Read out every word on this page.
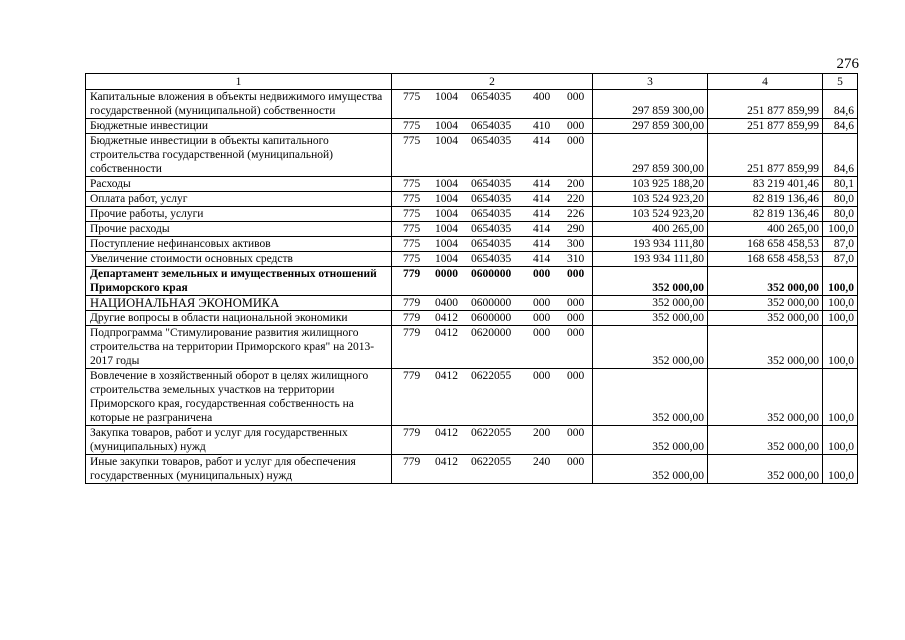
276
1	2	3	4	5
Капитальные вложения в объекты недвижимого имущества государственной (муниципальной) собственности	775 1004 0654035 400 000	297 859 300,00	251 877 859,99	84,6
Бюджетные инвестиции	775 1004 0654035 410 000	297 859 300,00	251 877 859,99	84,6
Бюджетные инвестиции в объекты капитального строительства государственной (муниципальной) собственности	775 1004 0654035 414 000	297 859 300,00	251 877 859,99	84,6
Расходы	775 1004 0654035 414 200	103 925 188,20	83 219 401,46	80,1
Оплата работ, услуг	775 1004 0654035 414 220	103 524 923,20	82 819 136,46	80,0
Прочие работы, услуги	775 1004 0654035 414 226	103 524 923,20	82 819 136,46	80,0
Прочие расходы	775 1004 0654035 414 290	400 265,00	400 265,00	100,0
Поступление нефинансовых активов	775 1004 0654035 414 300	193 934 111,80	168 658 458,53	87,0
Увеличение стоимости основных средств	775 1004 0654035 414 310	193 934 111,80	168 658 458,53	87,0
Департамент земельных и имущественных отношений Приморского края	779 0000 0600000 000 000	352 000,00	352 000,00	100,0
НАЦИОНАЛЬНАЯ ЭКОНОМИКА	779 0400 0600000 000 000	352 000,00	352 000,00	100,0
Другие вопросы в области национальной экономики	779 0412 0600000 000 000	352 000,00	352 000,00	100,0
Подпрограмма "Стимулирование развития жилищного строительства на территории Приморского края" на 2013-2017 годы	779 0412 0620000 000 000	352 000,00	352 000,00	100,0
Вовлечение в хозяйственный оборот в целях жилищного строительства земельных участков на территории Приморского края, государственная собственность на которые не разграничена	779 0412 0622055 000 000	352 000,00	352 000,00	100,0
Закупка товаров, работ и услуг для государственных (муниципальных) нужд	779 0412 0622055 200 000	352 000,00	352 000,00	100,0
Иные закупки товаров, работ и услуг для обеспечения государственных (муниципальных) нужд	779 0412 0622055 240 000	352 000,00	352 000,00	100,0
